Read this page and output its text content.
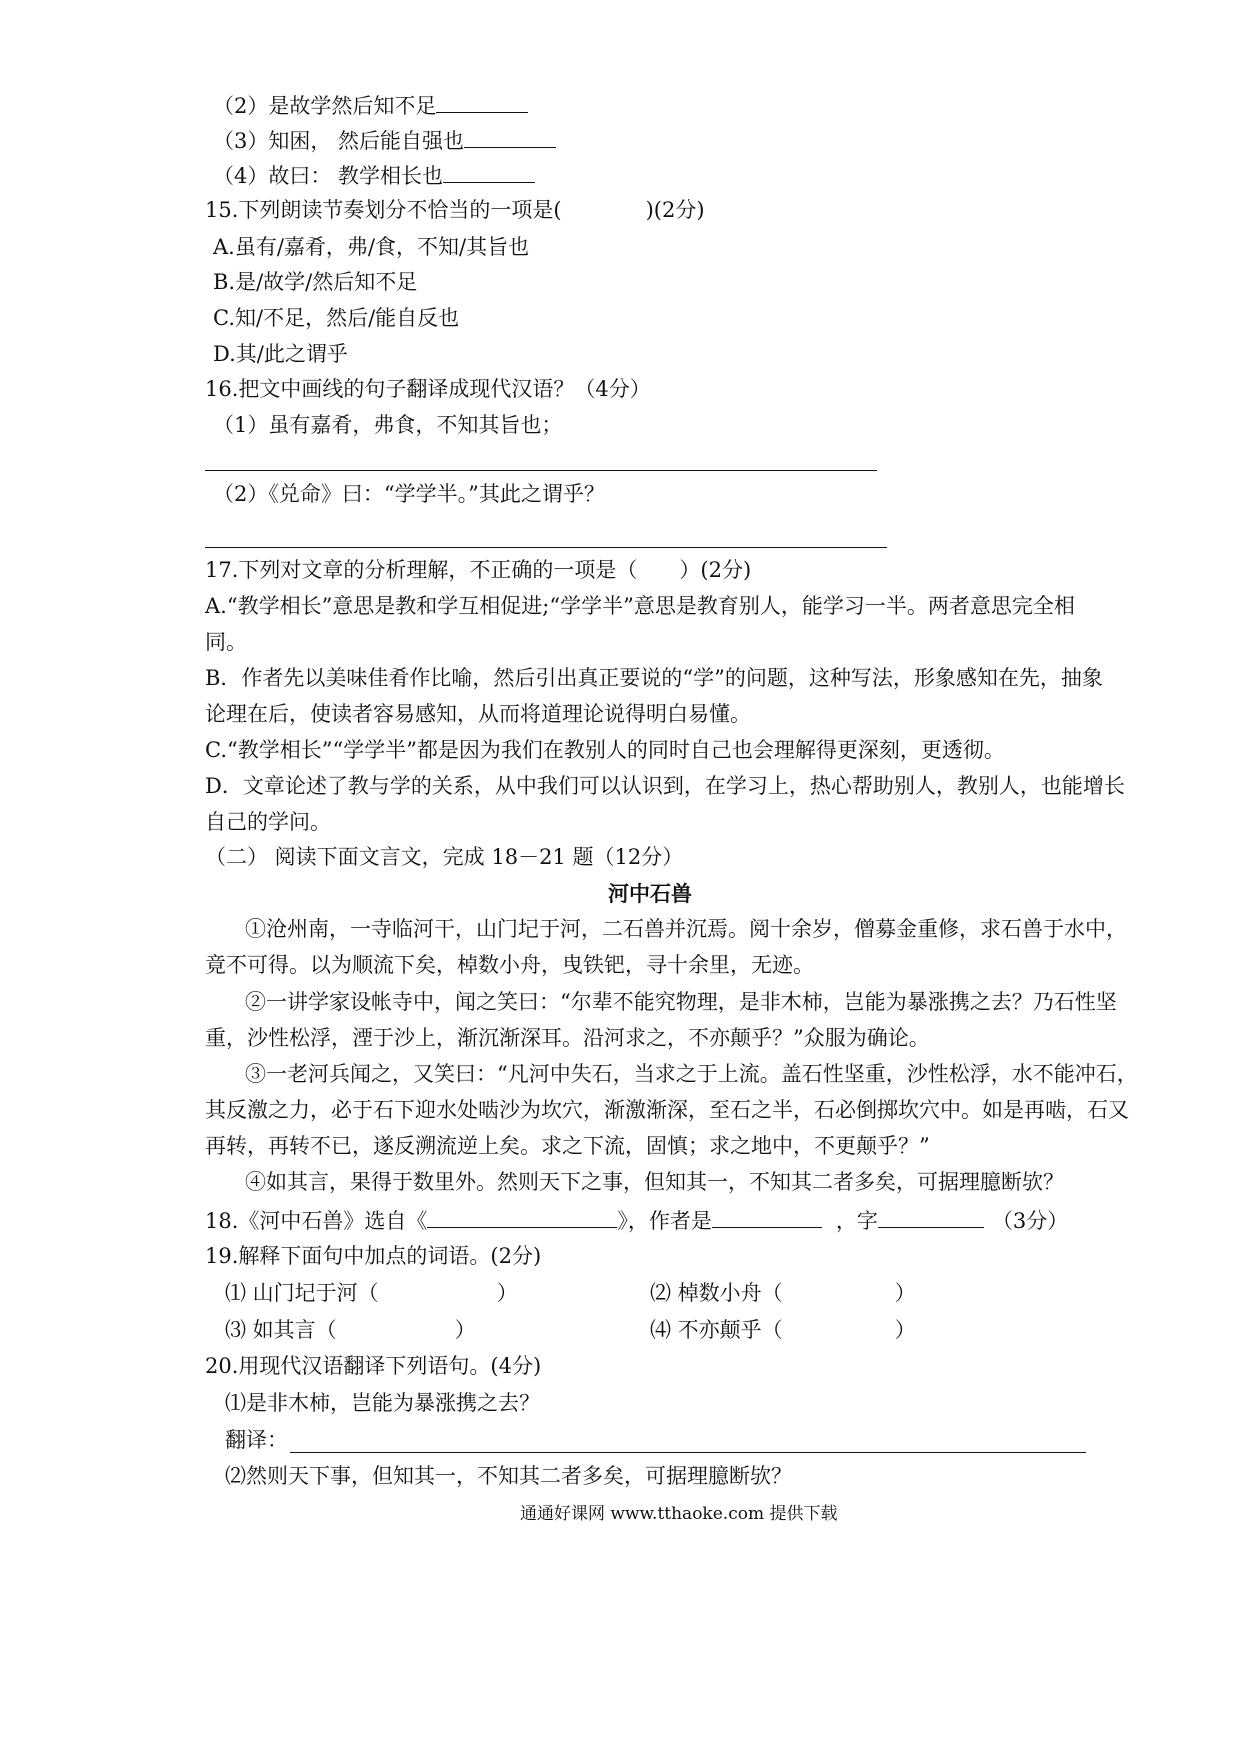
（2）是故学然后知不足
（3）知困， 然后能自强也
（4）故曰： 教学相长也
15.下列朗读节奏划分不恰当的一项是(　　　　)(2分)
A.虽有/嘉肴，弗/食，不知/其旨也
B.是/故学/然后知不足
C.知/不足，然后/能自反也
D.其/此之谓乎
16.把文中画线的句子翻译成现代汉语？（4分）
（1）虽有嘉肴，弗食，不知其旨也；
（2）《兑命》曰：“学学半。”其此之谓乎？
17.下列对文章的分析理解，不正确的一项是（　　）(2分)
A.“教学相长”意思是教和学互相促进;“学学半”意思是教育别人，能学习一半。两者意思完全相
同。
B．作者先以美味佳肴作比喻，然后引出真正要说的“学”的问题，这种写法，形象感知在先，抽象
论理在后，使读者容易感知，从而将道理论说得明白易懂。
C.“教学相长”“学学半”都是因为我们在教别人的同时自己也会理解得更深刻，更透彻。
D．文章论述了教与学的关系，从中我们可以认识到，在学习上，热心帮助别人，教别人，也能增长
自己的学问。
（二） 阅读下面文言文，完成 18－21 题（12分）
河中石兽
①沧州南，一寺临河干，山门圮于河，二石兽并沉焉。阅十余岁，僧募金重修，求石兽于水中，
竟不可得。以为顺流下矣，棹数小舟，曳铁钯，寻十余里，无迹。
②一讲学家设帐寺中，闻之笑曰：“尔辈不能究物理，是非木柿，岂能为暴涨携之去？乃石性坚
重，沙性松浮，湮于沙上，渐沉渐深耳。沿河求之，不亦颠乎？”众服为确论。
③一老河兵闻之，又笑曰：“凡河中失石，当求之于上流。盖石性坚重，沙性松浮，水不能冲石，
其反激之力，必于石下迎水处啮沙为坎穴，渐激渐深，至石之半，石必倒掷坎穴中。如是再啮，石又
再转，再转不已，遂反溯流逆上矣。求之下流，固慎；求之地中，不更颠乎？”
④如其言，果得于数里外。然则天下之事，但知其一，不知其二者多矣，可据理臆断欤？
18.《河中石兽》选自《	》，作者是	，字	（3分）
19.解释下面句中加点的词语。(2分)
⑴ 山门圮于河（	）	⑵ 棹数小舟（	）
⑶ 如其言（	）	⑷ 不亦颠乎（	）
20.用现代汉语翻译下列语句。(4分)
⑴是非木柿，岂能为暴涨携之去？
翻译：
⑵然则天下事，但知其一，不知其二者多矣，可据理臆断欤？
通通好课网 www.tthaoke.com 提供下载
